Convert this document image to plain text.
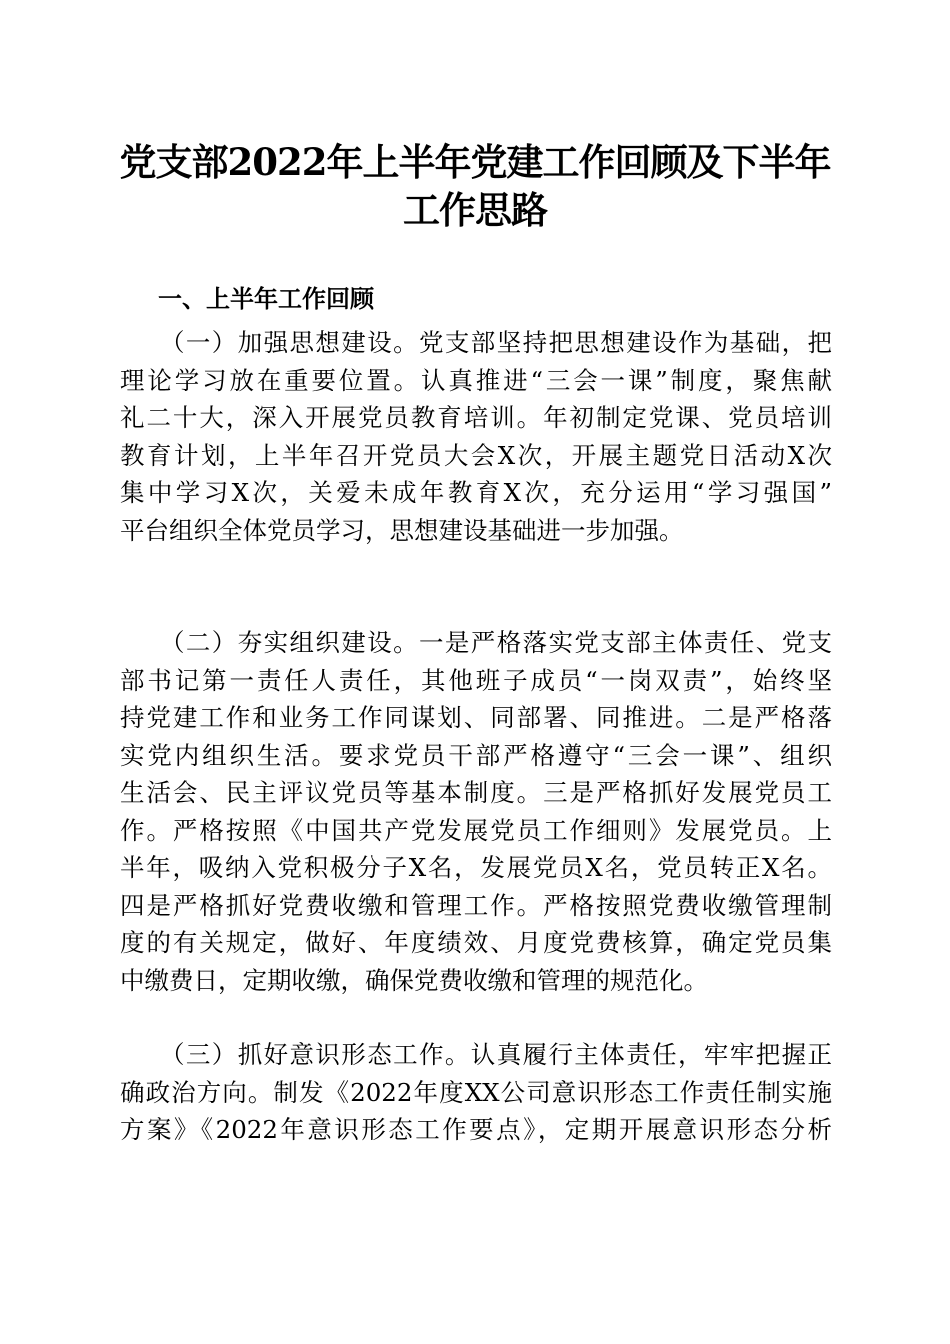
党支部2022年上半年党建工作回顾及下半年
工作思路
一、上半年工作回顾
（一）加强思想建设。党支部坚持把思想建设作为基础，把
理论学习放在重要位置。认真推进“三会一课”制度，聚焦献
礼二十大，深入开展党员教育培训。年初制定党课、党员培训
教育计划，上半年召开党员大会X次，开展主题党日活动X次
集中学习X次，关爱未成年教育X次，充分运用“学习强国”
平台组织全体党员学习，思想建设基础进一步加强。
（二）夯实组织建设。一是严格落实党支部主体责任、党支
部书记第一责任人责任，其他班子成员“一岗双责”，始终坚
持党建工作和业务工作同谋划、同部署、同推进。二是严格落
实党内组织生活。要求党员干部严格遵守“三会一课”、组织
生活会、民主评议党员等基本制度。三是严格抓好发展党员工
作。严格按照《中国共产党发展党员工作细则》发展党员。上
半年，吸纳入党积极分子X名，发展党员X名，党员转正X名。
四是严格抓好党费收缴和管理工作。严格按照党费收缴管理制
度的有关规定，做好、年度绩效、月度党费核算，确定党员集
中缴费日，定期收缴，确保党费收缴和管理的规范化。
（三）抓好意识形态工作。认真履行主体责任，牢牢把握正
确政治方向。制发《2022年度XX公司意识形态工作责任制实施
方案》《2022年意识形态工作要点》，定期开展意识形态分析
